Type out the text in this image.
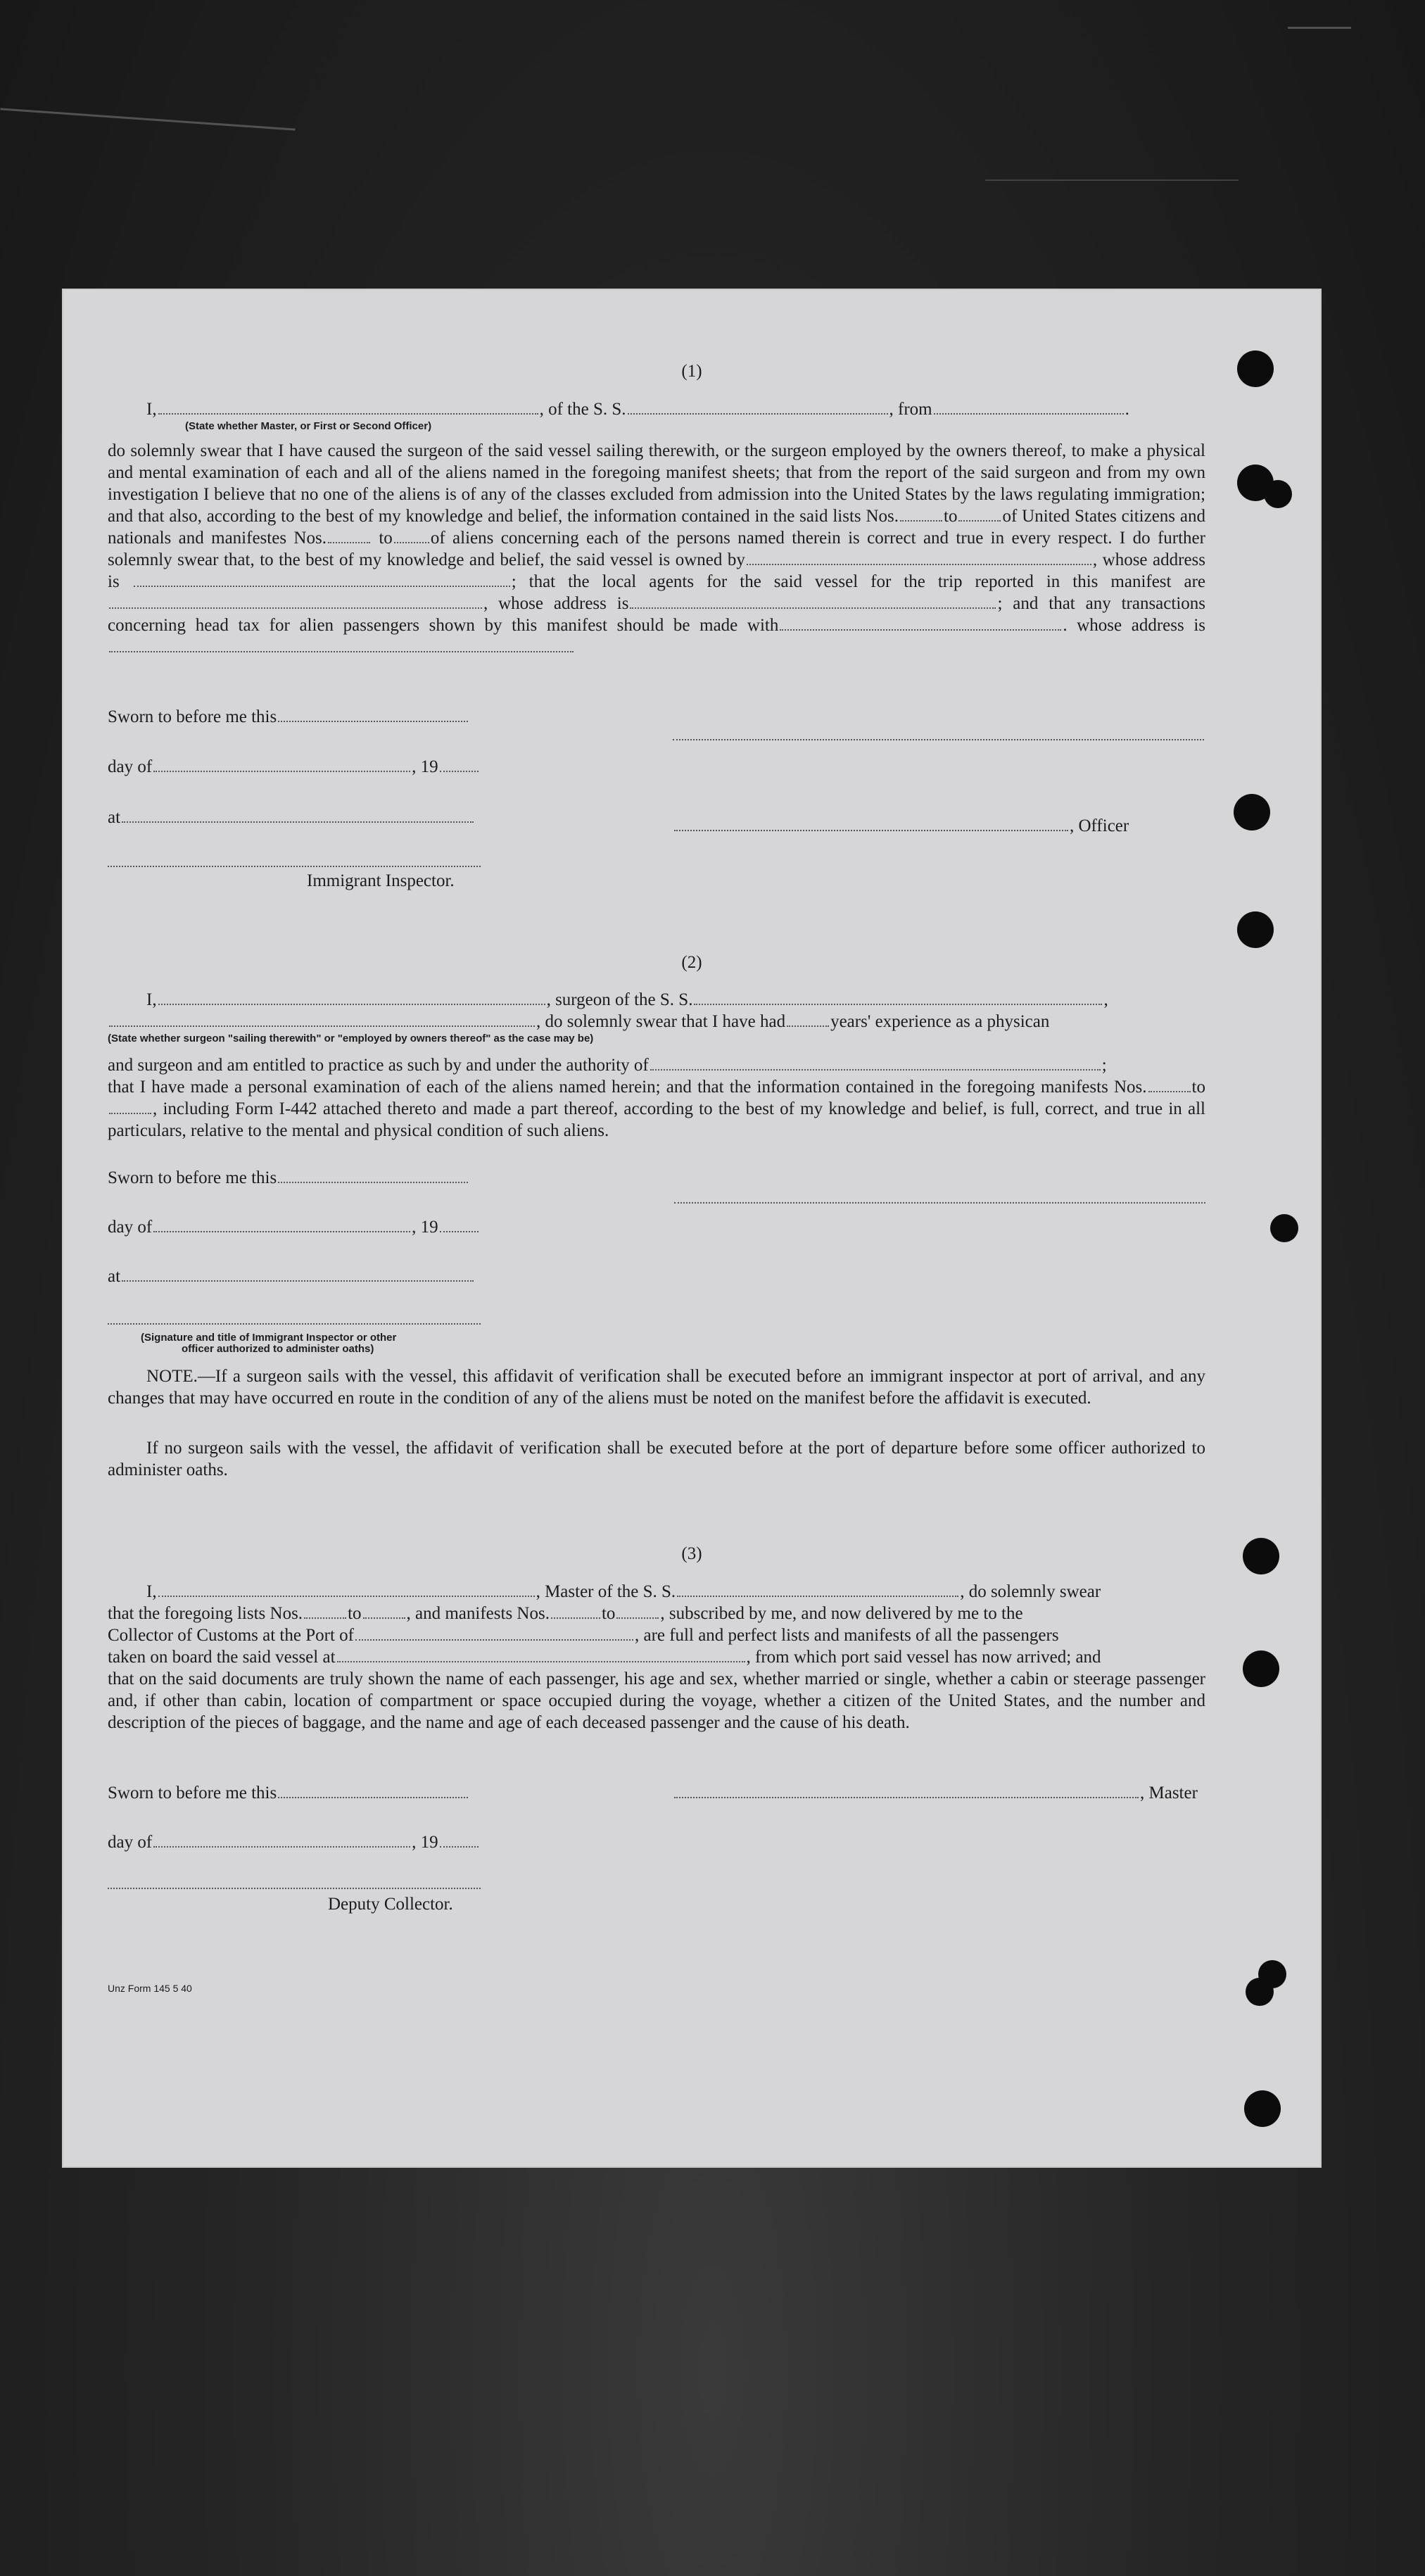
(1)
I,	, of the S. S.	, from	.
(State whether Master, or First or Second Officer)
do solemnly swear that I have caused the surgeon of the said vessel sailing therewith, or the surgeon employed by the owners thereof, to make a physical and mental examination of each and all of the aliens named in the foregoing manifest sheets; that from the report of the said surgeon and from my own investigation I believe that no one of the aliens is of any of the classes excluded from admission into the United States by the laws regulating immigration; and that also, according to the best of my knowledge and belief, the information contained in the said lists Nos.	to	of United States citizens and nationals and manifestes Nos.	to of aliens concerning each of the persons named therein is correct and true in every respect. I do further solemnly swear that, to the best of my knowledge and belief, the said vessel is owned by	, whose address is	; that the local agents for the said vessel for the trip reported in this manifest are , whose address is	; and that any transactions concerning head tax for alien passengers shown by this manifest should be made with	. whose address is
Sworn to before me this
day of	, 19
at	, Officer
Immigrant Inspector.
(2)
I,	, surgeon of the S. S.	,
, do solemnly swear that I have had	years' experience as a physican
(State whether surgeon "sailing therewith" or "employed by owners thereof" as the case may be)
and surgeon and am entitled to practice as such by and under the authority of	;
that I have made a personal examination of each of the aliens named herein; and that the information contained in the foregoing manifests Nos.	to, including Form I-442 attached thereto and made a part thereof, according to the best of my knowledge and belief, is full, correct, and true in all particulars, relative to the mental and physical condition of such aliens.
Sworn to before me this
day of	, 19
at
(Signature and title of Immigrant Inspector or other
officer authorized to administer oaths)
NOTE.—If a surgeon sails with the vessel, this affidavit of verification shall be executed before an immigrant inspector at port of arrival, and any changes that may have occurred en route in the condition of any of the aliens must be noted on the manifest before the affidavit is executed.
If no surgeon sails with the vessel, the affidavit of verification shall be executed before at the port of departure before some officer authorized to administer oaths.
(3)
I,	, Master of the S. S.	, do solemnly swear
that the foregoing lists Nos.	to	, and manifests Nos.	to	, subscribed by me, and now delivered by me to the
Collector of Customs at the Port of	, are full and perfect lists and manifests of all the passengers
taken on board the said vessel at	, from which port said vessel has now arrived; and
that on the said documents are truly shown the name of each passenger, his age and sex, whether married or single, whether a cabin or steerage passenger and, if other than cabin, location of compartment or space occupied during the voyage, whether a citizen of the United States, and the number and description of the pieces of baggage, and the name and age of each deceased passenger and the cause of his death.
Sworn to before me this	, Master
day of	, 19
Deputy Collector.
Unz Form 145 5 40
